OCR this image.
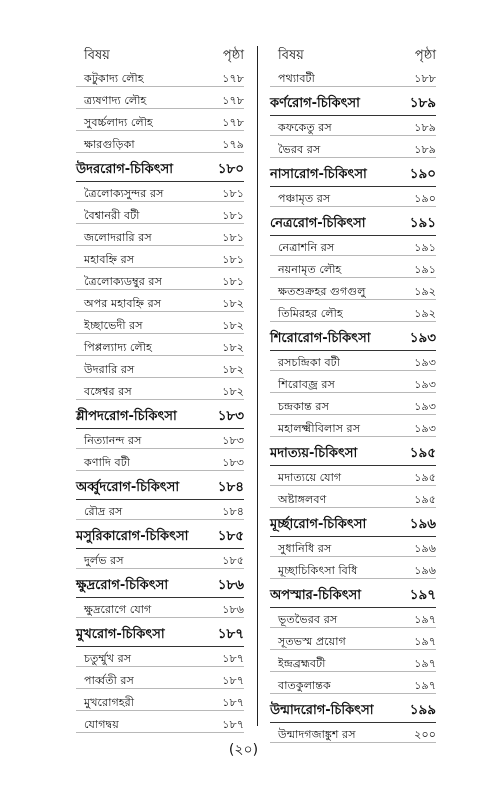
বিষয়	পৃষ্ঠা
কটুকাদ্য লৌহ	১৭৮
ত্র্যষণাদ্য লৌহ	১৭৮
সুবর্চ্চলাদ্য লৌহ	১৭৮
ক্ষারগুড়িকা	১৭৯
উদররোগ-চিকিৎসা	১৮০
ত্রৈলোক্যসুন্দর রস	১৮১
বৈশ্বানরী বটী	১৮১
জলোদরারি রস	১৮১
মহাবহ্নি রস	১৮১
ত্রৈলোক্যডম্বুর রস	১৮১
অপর মহাবহ্নি রস	১৮২
ইচ্ছাভেদী রস	১৮২
পিপ্পল্যাদ্য লৌহ	১৮২
উদরারি রস	১৮২
বঙ্গেশ্বর রস	১৮২
শ্লীপদরোগ-চিকিৎসা	১৮৩
নিত্যানন্দ রস	১৮৩
কণাদি বটী	১৮৩
অর্ব্বুদরোগ-চিকিৎসা	১৮৪
রৌদ্র রস	১৮৪
মসুরিকারোগ-চিকিৎসা ১৮৫
দুর্লভ রস	১৮৫
ক্ষুদ্ররোগ-চিকিৎসা	১৮৬
ক্ষুদ্ররোগে যোগ	১৮৬
মুখরোগ-চিকিৎসা	১৮৭
চতুর্ম্মুখ রস	১৮৭
পার্ব্বতী রস	১৮৭
মুখরোগহরী	১৮৭
যোগদ্বয়	১৮৭
বিষয়	পৃষ্ঠা
পথ্যাবটী	১৮৮
কর্ণরোগ-চিকিৎসা	১৮৯
কফকেতু রস	১৮৯
ভৈরব রস	১৮৯
নাসারোগ-চিকিৎসা	১৯০
পঞ্চামৃত রস	১৯০
নেত্ররোগ-চিকিৎসা	১৯১
নেত্রাশনি রস	১৯১
নয়নামৃত লৌহ	১৯১
ক্ষতশুক্রহর গুগগুলু	১৯২
তিমিরহর লৌহ	১৯২
শিরোরোগ-চিকিৎসা	১৯৩
রসচন্দ্রিকা বটী	১৯৩
শিরোবজ্র রস	১৯৩
চন্দ্রকান্ত রস	১৯৩
মহালক্ষ্মীবিলাস রস	১৯৩
মদাত্যয়-চিকিৎসা	১৯৫
মদাত্যয়ে যোগ	১৯৫
অষ্টাঙ্গলবণ	১৯৫
মূর্চ্ছারোগ-চিকিৎসা	১৯৬
সুধানিধি রস	১৯৬
মূচ্ছাচিকিৎসা বিধি	১৯৬
অপস্মার-চিকিৎসা	১৯৭
ভূতভৈরব রস	১৯৭
সূতভস্ম প্রয়োগ	১৯৭
ইন্দ্রব্রহ্মবটী	১৯৭
বাতকুলান্তক	১৯৭
উন্মাদরোগ-চিকিৎসা	১৯৯
উন্মাদগজাঙ্কুশ রস	২০০
(২০)
